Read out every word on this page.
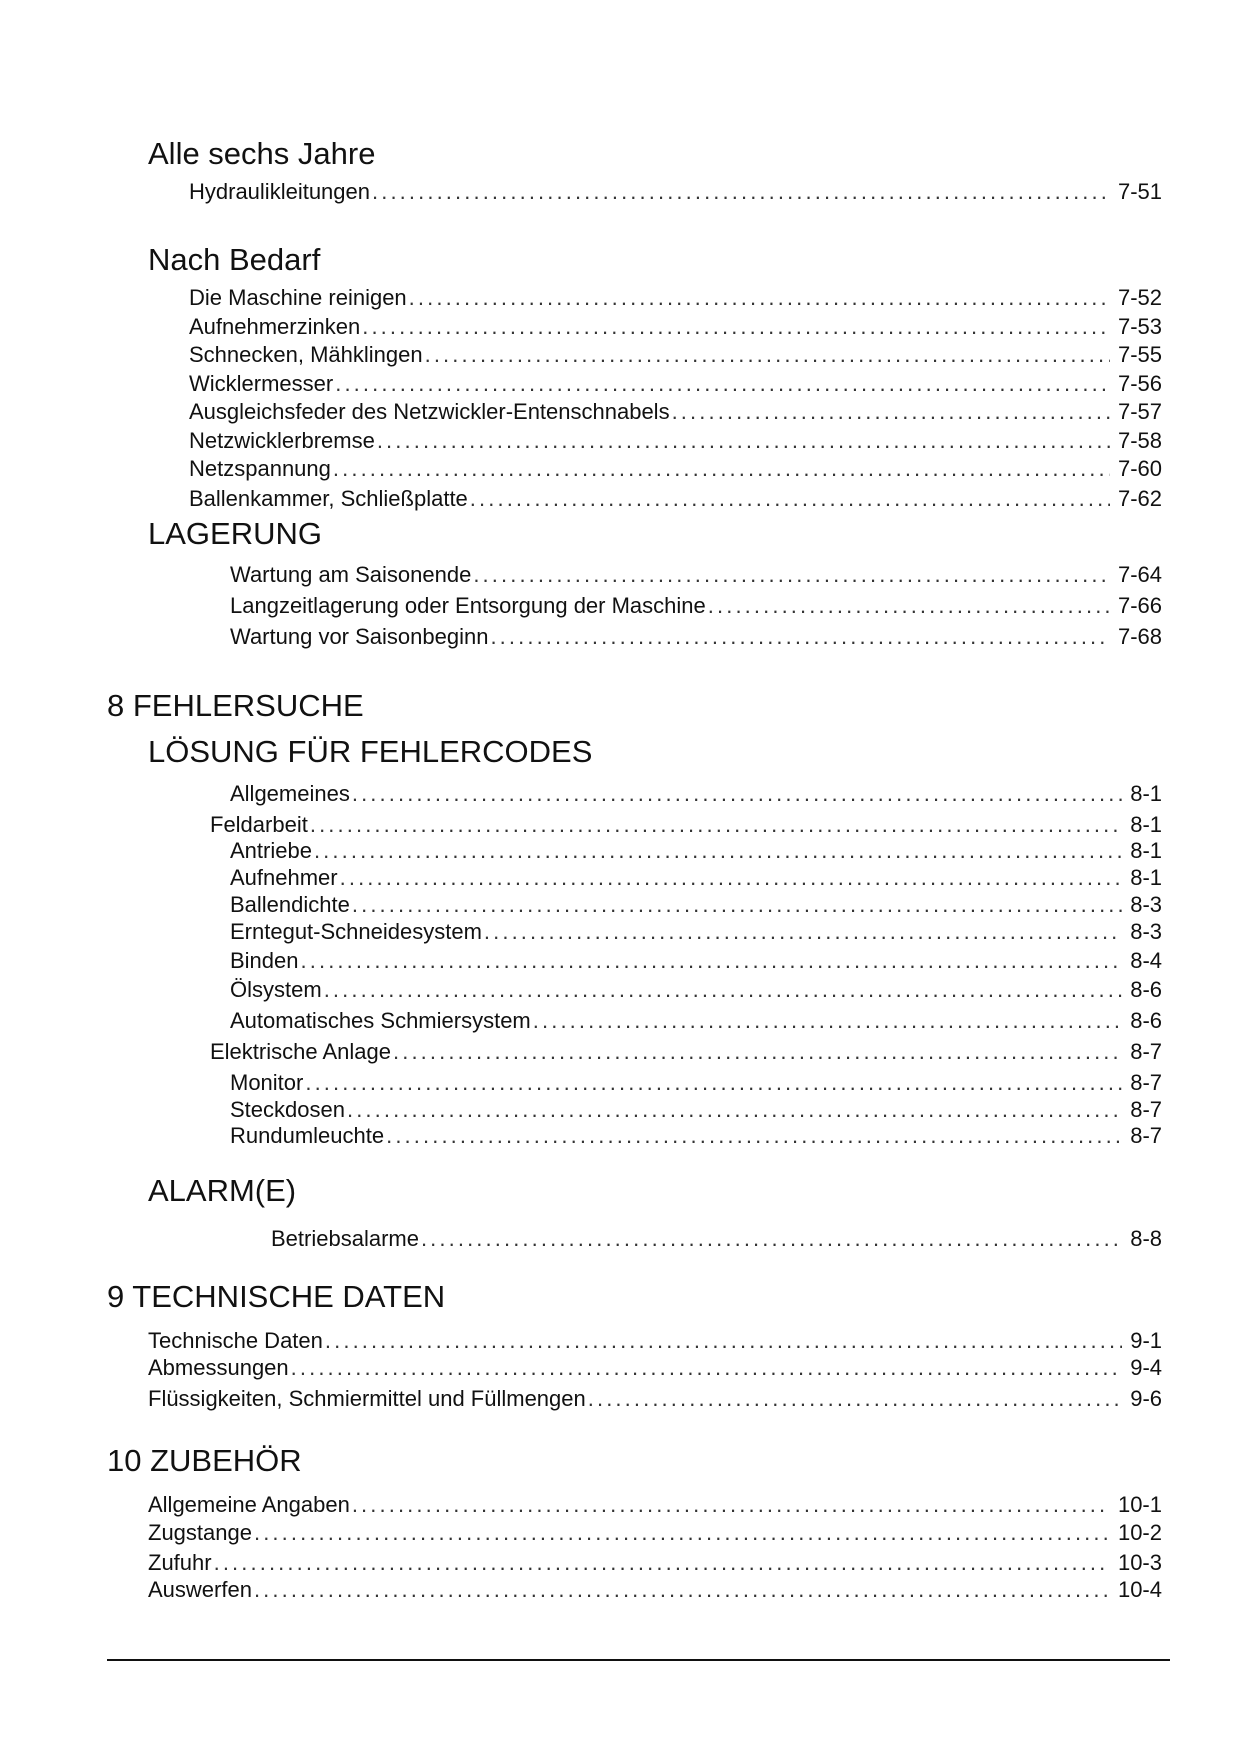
Alle sechs Jahre
Hydraulikleitungen . . .	7-51
Nach Bedarf
Die Maschine reinigen . . .	7-52
Aufnehmerzinken . . .	7-53
Schnecken, Mähklingen . . .	7-55
Wicklermesser . . .	7-56
Ausgleichsfeder des Netzwickler-Entenschnabels . . .	7-57
Netzwicklerbremse . . .	7-58
Netzspannung . . .	7-60
Ballenkammer, Schließplatte . . .	7-62
LAGERUNG
Wartung am Saisonende . . .	7-64
Langzeitlagerung oder Entsorgung der Maschine . . .	7-66
Wartung vor Saisonbeginn . . .	7-68
8 FEHLERSUCHE
LÖSUNG FÜR FEHLERCODES
Allgemeines . . .	8-1
Feldarbeit . . .	8-1
Antriebe . . .	8-1
Aufnehmer . . .	8-1
Ballendichte . . .	8-3
Erntegut-Schneidesystem . . .	8-3
Binden . . .	8-4
Ölsystem . . .	8-6
Automatisches Schmiersystem . . .	8-6
Elektrische Anlage . . .	8-7
Monitor . . .	8-7
Steckdosen . . .	8-7
Rundumleuchte . . .	8-7
ALARM(E)
Betriebsalarme . . .	8-8
9 TECHNISCHE DATEN
Technische Daten . . .	9-1
Abmessungen . . .	9-4
Flüssigkeiten, Schmiermittel und Füllmengen . . .	9-6
10 ZUBEHÖR
Allgemeine Angaben . . .	10-1
Zugstange . . .	10-2
Zufuhr . . .	10-3
Auswerfen . . .	10-4
